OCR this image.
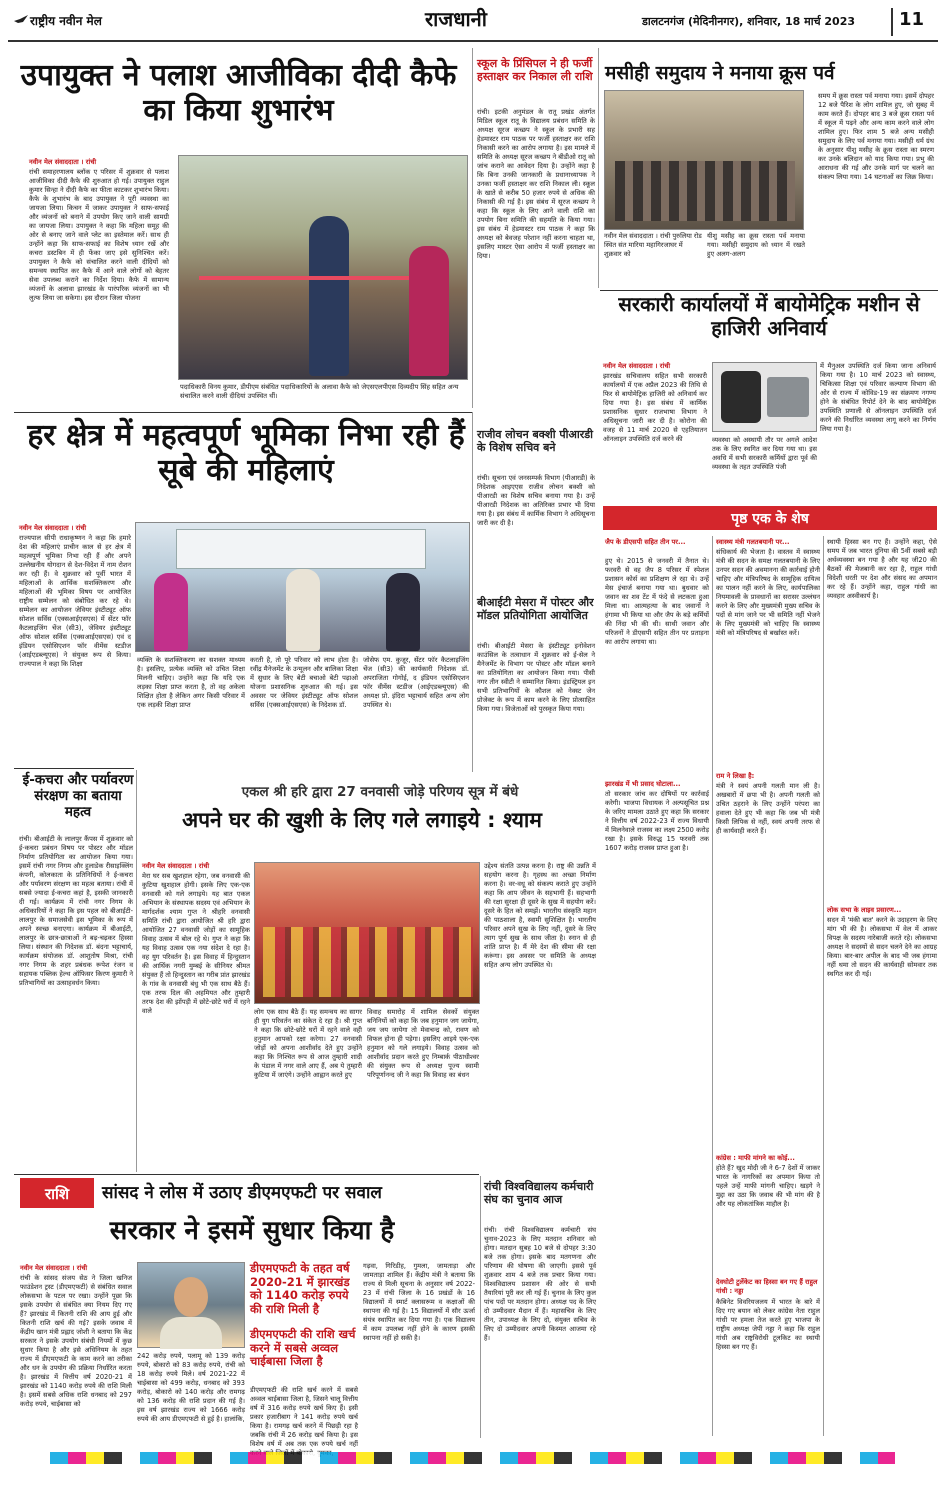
राष्ट्रीय नवीन मेल	राजधानी	डालटनगंज (मेदिनीनगर), शनिवार, 18 मार्च 2023 11
उपायुक्त ने पलाश आजीविका दीदी कैफे का किया शुभारंभ
नवीन मेल संवाददाता । रांची
रांची समाहरणालय ब्लॉक ए परिसर में शुक्रवार से पलाश आजीविका दीदी कैफे की शुरुआत हो गई। उपायुक्त राहुल कुमार सिन्हा ने दीदी कैफे का फीता काटकर शुभारंभ किया। कैफे के शुभारंभ के बाद उपायुक्त ने पूरी व्यवस्था का जायजा लिया। किचन में जाकर उपायुक्त ने साफ-सफाई और व्यंजनों को बनाने में उपयोग किए जाने वाली सामग्री का जायजा लिया। उपायुक्त ने कहा कि महिला समूह की ओर से बनाए जाने वाले प्लेट का इस्तेमाल करें। साथ ही उन्होंने कहा कि साफ-सफाई का विशेष ध्यान रखें और कचरा डस्टबिन में ही फेंका जाए इसे सुनिश्चित करें। उपायुक्त ने कैफे को संचालित करने वाली दीदियों को समन्वय स्थापित कर कैफे में आने वाले लोगों को बेहतर सेवा उपलब्ध कराने का निर्देश दिया। कैफे में सामान्य व्यंजनों के अलावा झारखंड के पारंपरिक व्यंजनों का भी लुत्फ लिया जा सकेगा। इस दौरान जिला योजना
पदाधिकारी विनय कुमार, डीपीएम संबंधित पदाधिकारियों के अलावा कैफे को जेएसएलपीएस दिव्यदीप सिंह सहित अन्य संचालित करने वाली दीदियां उपस्थित थीं।
स्कूल के प्रिंसिपल ने ही फर्जी हस्ताक्षर कर निकाल ली राशि
रांची। इटकी अनुमंडल के रातू प्रखंड अंतर्गत मिडिल स्कूल रातू के विद्यालय प्रबंधन समिति के अध्यक्ष सूरज कच्छप ने स्कूल के प्रभारी सह हेडमास्टर राम पाठक पर फर्जी हस्ताक्षर कर राशि निकासी करने का आरोप लगाया है। इस मामले में समिति के अध्यक्ष सूरज कच्छप ने बीडीओ रातू को जांच कराने का आवेदन दिया है। उन्होंने कहा है कि बिना उनकी जानकारी के प्रधानाध्यापक ने उनका फर्जी हस्ताक्षर कर राशि निकाल ली। स्कूल के खाते से करीब 50 हजार रुपये से अधिक की निकासी की गई है। इस संबंध में सूरज कच्छप ने कहा कि स्कूल के लिए आने वाली राशि का उपयोग बिना समिति की सहमति के किया गया। इस संबंध में हेडमास्टर राम पाठक ने कहा कि अध्यक्ष को बेवजह परेशान नहीं करना चाहता था, इसलिए मास्टर ऐसा आरोप में फर्जी हस्ताक्षर का दिया।
मसीही समुदाय ने मनाया क्रूस पर्व
नवीन मेल संवाददाता । रांची पुरुलिया रोड स्थित संत मारिया महागिरजाघर में शुक्रवार को
यीशु मसीह का क्रूस रास्ता पर्व मनाया गया। मसीही समुदाय को ध्यान में रखते हुए अलग-अलग
समय में क्रूस रास्ता पर्व मनाया गया। इसमें दोपहर 12 बजे पैरिश के लोग शामिल हुए, जो सुबह में काम करते हैं। दोपहर बाद 3 बजे क्रूस रास्ता पर्व में स्कूल में पढ़ने और अन्य काम करने वाले लोग शामिल हुए। फिर शाम 5 बजे अन्य मसीही समुदाय के लिए पर्व मनाया गया। मसीही धर्म ग्रंथ के अनुसार यीशु मसीह के क्रूस रास्ता का स्मरण कर उनके बलिदान को याद किया गया। प्रभु की आराधना की गई और उनके मार्ग पर चलने का संकल्प लिया गया। 14 घटनाओं का जिक्र किया।
सरकारी कार्यालयों में बायोमेट्रिक मशीन से हाजिरी अनिवार्य
नवीन मेल संवाददाता । रांची
झारखंड सचिवालय सहित सभी सरकारी कार्यालयों में एक अप्रैल 2023 की तिथि से फिर से बायोमेट्रिक हाजिरी को अनिवार्य कर दिया गया है। इस संबंध में कार्मिक प्रशासनिक सुधार राजभाषा विभाग ने अधिसूचना जारी कर दी है। कोरोना की वजह से 11 मार्च 2020 से एहतियातन ऑनलाइन उपस्थिति दर्ज करने की	व्यवस्था को अस्थायी तौर पर अगले आदेश तक के लिए स्थगित कर दिया गया था। इस अवधि में सभी सरकारी कर्मियों द्वारा पूर्व की व्यवस्था के तहत उपस्थिति पंजी
में मैनुअल उपस्थिति दर्ज किया जाना अनिवार्य किया गया है। 10 मार्च 2023 को स्वास्थ्य, चिकित्सा शिक्षा एवं परिवार कल्याण विभाग की ओर से राज्य में कोविड-19 का संक्रमण नगण्य होने के संबंधित रिपोर्ट देने के बाद बायोमेट्रिक उपस्थिति प्रणाली से ऑनलाइन उपस्थिति दर्ज करने की निर्धारित व्यवस्था लागू करने का निर्णय लिया गया है।
हर क्षेत्र में महत्वपूर्ण भूमिका निभा रही हैं सूबे की महिलाएं
नवीन मेल संवाददाता । रांची
राज्यपाल सीपी राधाकृष्णन ने कहा कि हमारे देश की महिलाएं प्राचीन काल से हर क्षेत्र में महत्वपूर्ण भूमिका निभा रही हैं और अपने उल्लेखनीय योगदान से देश-विदेश में नाम रोशन कर रही हैं। वे शुक्रवार को पूर्वी भारत में महिलाओं के आर्थिक सशक्तिकरण और महिलाओं की भूमिका विषय पर आयोजित राष्ट्रीय सम्मेलन को संबोधित कर रहे थे। सम्मेलन का आयोजन जेवियर इंस्टीट्यूट ऑफ सोशल सर्विस (एक्सआईएसएस) में सेंटर फॉर कैटलाइजिंग चेंज (सी3), जेवियर इंस्टीट्यूट ऑफ सोशल सर्विस (एक्सआईएसएस) एवं द इंडियन एसोसिएशन फॉर वीमेंस स्टडीज (आईएडब्ल्यूएस) ने संयुक्त रूप से किया। राज्यपाल ने कहा कि शिक्षा	व्यक्ति के सशक्तिकरण का सशक्त माध्यम है। इसलिए, प्रत्येक व्यक्ति को उचित शिक्षा मिलनी चाहिए। उन्होंने कहा कि यदि एक लड़का शिक्षा प्राप्त करता है, तो वह अकेला शिक्षित होता है लेकिन अगर किसी परिवार में एक लड़की शिक्षा प्राप्त
करती है, तो पूरे परिवार को लाभ होता है। रवींद्र मैनेजमेंट के उन्मूलन और बालिका शिक्षा में सुधार के लिए बेटी बचाओ बेटी पढ़ाओ योजना प्रशासनिक शुरुआत की गई। इस अवसर पर जेवियर इंस्टीट्यूट ऑफ सोशल सर्विस (एक्सआईएसएस) के निदेशक डॉ.
जोसेफ एम. कुजूर, सेंटर फॉर कैटलाइजिंग चेंज (सी3) की कार्यकारी निदेशक डॉ. अपराजिता गोगोई, द इंडियन एसोसिएशन फॉर वीमेंस स्टडीज (आईएडब्ल्यूएस) की अध्यक्ष प्रो. इंदिरा भट्टाचार्य सहित अन्य लोग उपस्थित थे।
राजीव लोचन बक्शी पीआरडी के विशेष सचिव बने
रांची। सूचना एवं जनसम्पर्क विभाग (पीआरडी) के निदेशक आइएएस राजीव लोचन बक्शी को पीआरडी का विशेष सचिव बनाया गया है। उन्हें पीआरडी निदेशक का अतिरिक्त प्रभार भी दिया गया है। इस संबंध में कार्मिक विभाग ने अधिसूचना जारी कर दी है।
बीआईटी मेसरा में पोस्टर और मॉडल प्रतियोगिता आयोजित
रांची। बीआईटी मेसरा के इंस्टीट्यूट इनोवेशन काउंसिल के तत्वाधान में शुक्रवार को ई-सेल ने मैनेजमेंट के विभाग पर पोस्टर और मॉडल बनाने का प्रतियोगिता का आयोजन किया गया। पीसी नगर तीन स्वीटी ने सम्मानित किया। इंडस्ट्रियल इन सभी प्रतिभागियों के कौशल को नेक्स्ट जेन प्रोजेक्ट के रूप में काम करने के लिए प्रोत्साहित किया गया। विजेताओं को पुरस्कृत किया गया।
पृष्ठ एक के शेष
जैप के डीएसपी सहित तीन पर...
हुए थे। 2015 से जनवरी में तैनात थे। फरवरी से वह जैप 8 परिसर में स्पेशल प्रशासन कोर्स का प्रशिक्षण ले रहा थे। उन्हें मेस इंचार्ज बनाया गया था। बुधवार को जवान का शव टेंट में फंदे से लटकता हुआ मिला था। आत्महत्या के बाद जवानों ने हंगामा भी किया था और जैप के बड़े कर्मियों की निंदा भी की थी। साथी जवान और परिजनों ने डीएसपी सहित तीन पर प्रताड़ना का आरोप लगाया था।
झारखंड में भी प्रसाद घोटाला...
तो सरकार जांच कर दोषियों पर कार्रवाई करेगी। भाजपा विधायक ने अल्पसूचित प्रश्न के जरिए मामला उठाते हुए कहा कि सरकार ने वित्तीय वर्ष 2022-23 में राज्य विधायी में मिलनेवाले राजस्व का लक्ष्य 2500 करोड़ रखा है। इसके विरुद्ध 15 फरवरी तक 1607 करोड़ राजस्व प्राप्त हुआ है।
स्वास्थ्य मंत्री गलतबयानी पर...
संधिकार्य की भेजता है। वास्तव में स्वास्थ्य मंत्री की सदन के समक्ष गलतबयानी के लिए उनपर सदन की अवमानना की कार्रवाई होनी चाहिए और मंत्रिपरिषद के सामूहिक दायित्व का पालन नहीं करने के लिए, कार्यपालिका नियमावली के प्रावधानों का सरासर उल्लंघन करने के लिए और मुख्यमंत्री मुख्य सचिव के पदों से मांग जाने पर भी समिति नहीं भेजने के लिए मुख्यमंत्री को चाहिए कि स्वास्थ्य मंत्री को मंत्रिपरिषद से बर्खास्त करें।
राम ने लिखा है:
मंत्री ने स्वयं अपनी गलती मान ली है। अखबारों में छपा भी है। अपनी गलती को उचित ठहराने के लिए उन्होंने परंपरा का हवाला देते हुए भी कहा कि जब भी मंत्री किसी लिपिक से नहीं, स्वयं अपनी तरफ से ही कार्यवाही करते हैं।
कांग्रेस : माफी मांगने का कोई...
होते हैं? खुद मोदी जी ने 6-7 देशों में जाकर भारत के नागरिकों का अपमान किया तो पहले उन्हें माफी मांगनी चाहिए। खड़गे ने मुद्दा का उठा कि जवाब की भी मांग की है और यह लोकतांत्रिक माहौल है।
देवघोटी टुर्लेकेट का हिस्सा बन गए हैं राहुल गांधी : नड्डा
कैबिनेट विवरियजलय में भारत के बारे में दिए गए बयान को लेकर कांग्रेस नेता राहुल गांधी पर हमला तेज करते हुए भाजपा के राष्ट्रीय अध्यक्ष जेपी नड्डा ने कहा कि राहुल गांधी अब राष्ट्रविरोधी टूलकिट का स्थायी हिस्सा बन गए हैं।
स्थायी हिस्सा बन गए हैं। उन्होंने कहा, ऐसे समय में जब भारत दुनिया की 5वीं सबसे बड़ी अर्थव्यवस्था बन गया है और यह जी20 की बैठकों की मेजबानी कर रहा है, राहुल गांधी विदेशी धरती पर देश और संसद का अपमान कर रहे हैं। उन्होंने कहा, राहुल गांधी का व्यवहार अस्वीकार्य है।
लोक सभा के लाइव प्रसारण...
सदन में 'मंकी बात' करने के उदाहरण के लिए मांग भी की है। लोकसभा में वेल में आकर विपक्ष के सदस्य नारेबाजी करते रहे। लोकसभा अध्यक्ष ने सदस्यों से सदन चलने देने का आग्रह किया। बार-बार अपील के बाद भी जब हंगामा नहीं थमा तो सदन की कार्यवाही सोमवार तक स्थगित कर दी गई।
ई-कचरा और पर्यावरण संरक्षण का बताया महत्व
रांची। बीआईटी के लालपुर कैंपस में शुक्रवार को ई-कचरा प्रबंधन विषय पर पोस्टर और मॉडल निर्माण प्रतियोगिता का आयोजन किया गया। इसमें रांची नगर निगम और हुलाडेक रीसाइक्लिंग कंपनी, कोलकाता के प्रतिनिधियों ने ई-कचरा और पर्यावरण संरक्षण का महत्व बताया। रांची में सबसे ज्यादा ई-कचरा कहां है, इसकी जानकारी दी गई। कार्यक्रम में रांची नगर निगम के अधिकारियों ने कहा कि इस पहल को बीआईटी-लालपुर के समाजसेवी इस भूमिका के रूप में अपने स्वच्छ बनाएगा। कार्यक्रम में बीआईटी, लालपुर के छात्र-छात्राओं ने बढ़-चढ़कर हिस्सा लिया। संस्थान की निदेशक डॉ. बंदना भट्टाचार्य, कार्यक्रम संयोजक डॉ. आशुतोष मिश्रा, रांची नगर निगम के शहर प्रबंधक रूपेश रंजन व सहायक पब्लिक हेल्थ ऑफिसर किरण कुमारी ने प्रतिभागियों का उत्साहवर्धन किया।
एकल श्री हरि द्वारा 27 वनवासी जोड़े परिणय सूत्र में बंधे
अपने घर की खुशी के लिए गले लगाइये : श्याम
नवीन मेल संवाददाता । रांची
मेरा घर सब खुशहाल रहेगा, जब वनवासी की कुटिया खुशहाल होगी। इसके लिए एक-एक वनवासी को गले लगाइये। यह बात एकल अभियान के संस्थापक सदस्य एवं अभियान के मार्गदर्शक श्याम गुप्त ने श्रीहरि वनवासी समिति रांची द्वारा आयोजित श्री हरि द्वारा आयोजित 27 वनवासी जोड़ों का सामूहिक विवाह उत्सव में बोल रहे थे। गुप्त ने कहा कि यह विवाह उत्सव एक नया संदेश दे रहा है। वह युग परिवर्तन है। इस विवाह में हिन्दुस्तान की आर्थिक नगरी मुम्बई के सीनियर श्रीमत संयुक्त हैं तो हिन्दुस्तान का गरीब प्रांत झारखंड के गांव के वनवासी बंधु भी एक साथ बैठे हैं। एक तरफ दिल की अहमियत और तुम्हारी तरफ देश की झोंपड़ी में छोटे-छोटे घरों में रहने वाले	लोग एक साथ बैठे हैं। यह समन्वय का सागर ही युग परिवर्तन का संकेत दे रहा है। श्री गुप्त ने कहा कि छोटे-छोटे घरों में रहने वाले वही हनुमान आपको रक्षा करेगा। 27 वनवासी जोड़ों को अपना आशीर्वाद देते हुए उन्होंने कहा कि निश्चित रूप से आज तुम्हारी शादी के पंडाल में नगर वाले आए हैं, अब ये तुम्हारी कुटिया में जाएंगे। उन्होंने आह्वान करते हुए
विवाह समारोह में शामिल सेवकों संयुक्त बनिनियों को कहा कि जब हनुमान जग जायेगा, जय जय जायेगा तो मेवाचन्द्र को, रावण को विफल होना ही पड़ेगा। इसलिए आइये एक-एक हनुमान को गले लगाइये। विवाह उत्सव को आशीर्वाद प्रदान करते हुए निम्बार्क पीठाधीश्वर की संयुक्त रूप से अध्यक्ष पूज्य स्वामी परिपूर्णानन्द जी ने कहा कि विवाह का बंधन
उद्देश्य संतति उत्पन्न करना है। राष्ट्र की उन्नति में सहयोग करना है। गृहस्थ का अच्छा निर्माण करना है। वर-वधू को संकल्प कराते हुए उन्होंने कहा कि आप जीवन के सहभागी हैं। सहभागी की रक्षा सुरक्षा ही दूसरे के सुख में सहयोग करें। दूसरे के हित को समझें। भारतीय संस्कृति महान की पाठशाला है, स्वामी सुशिक्षित है। भारतीय परिवार अपने सुख के लिए नहीं, दूसरे के लिए त्याग पूर्ण सुख के साथ जीता है। स्नान से ही शांति प्राप्त है। मैं मेरे देश की सीमा की रक्षा करूंगा। इस अवसर पर समिति के अध्यक्ष सहित अन्य लोग उपस्थित थे।
राशि	सांसद ने लोस में उठाए डीएमएफटी पर सवाल
सरकार ने इसमें सुधार किया है
नवीन मेल संवाददाता । रांची
रांची के सांसद संजय सेठ ने जिला खनिज फाउंडेशन ट्रस्ट (डीएमएफटी) से संबंधित सवाल लोकसभा के पटल पर रखा। उन्होंने पूछा कि इसके उपयोग से संबंधित क्या नियम दिए गए हैं? झारखंड में कितनी राशि की आय हुई और कितनी राशि खर्च की गई? इसके जवाब में केंद्रीय खान मंत्री प्रह्लाद जोशी ने बताया कि केंद्र सरकार ने इसके उपयोग संबंधी नियमों में कुछ सुधार किया है और इसे अधिनियम के तहत राज्य में डीएमएफटी के काम करने का तरीका और धन के उपयोग की प्रक्रिया निर्धारित करता है। झारखंड में वित्तीय वर्ष 2020-21 में झारखंड को 1140 करोड़ रुपये की राशि मिली है। इसमें सबसे अधिक राशि धनबाद को 297 करोड़ रुपये, चाईबासा को
डीएमएफटी के तहत वर्ष 2020-21 में झारखंड को 1140 करोड़ रुपये की राशि मिली है
डीएमएफटी की राशि खर्च करने में सबसे अव्वल चाईबासा जिला है
242 करोड़ रुपये, पलामू को 139 करोड़ रुपये, बोकारो को 83 करोड़ रुपये, रांची को 18 करोड़ रुपये मिले। वर्ष 2021-22 में चाईबासा को 499 करोड़, धनबाद को 393 करोड़, बोकारो को 140 करोड़ और रामगढ़ को 136 करोड़ की राशि प्रदान की गई है। इस वर्ष झारखंड राज्य को 1666 करोड़ रुपये की आय डीएमएफटी से हुई है। हालांकि,
डीएमएफटी की राशि खर्च करने में सबसे अव्वल चाईबासा जिला है, जिसने चालू वित्तीय वर्ष में 316 करोड़ रुपये खर्च किए हैं। इसी प्रकार हजारीबाग ने 141 करोड़ रुपये खर्च किया है। रामगढ़ खर्च करने में पिछड़ी रहा है जबकि रांची में 26 करोड़ खर्च किया है। इस विशेष वर्ष में अब तक एक रुपये खर्च नहीं
गढ़वा, गिरिडीह, गुमला, जामताड़ा और जामताड़ा शामिल हैं। केंद्रीय मंत्री ने बताया कि राज्य से मिली सूचना के अनुसार वर्ष 2022-23 में रांची जिला के 16 प्रखंडों के 16 विद्यालयों में स्मार्ट क्लासरूम व कक्षाओं की स्थापना की गई है। 15 विद्यालयों में सौर ऊर्जा संयंत्र स्थापित कर दिया गया है। एक विद्यालय में काम उपलब्ध नहीं होने के कारण इसकी स्थापना नहीं हो सकी है।
रांची विश्वविद्यालय कर्मचारी संघ का चुनाव आज
रांची। रांची विश्वविद्यालय कर्मचारी संघ चुनाव-2023 के लिए मतदान शनिवार को होगा। मतदान सुबह 10 बजे से दोपहर 3:30 बजे तक होगा। इसके बाद मतगणना और परिणाम की घोषणा की जाएगी। इससे पूर्व शुक्रवार शाम 4 बजे तक प्रचार किया गया। विश्वविद्यालय प्रशासन की ओर से सभी तैयारियां पूरी कर ली गई हैं। चुनाव के लिए कुल पांच पदों पर मतदान होगा। अध्यक्ष पद के लिए दो उम्मीदवार मैदान में हैं। महासचिव के लिए तीन, उपाध्यक्ष के लिए दो, संयुक्त सचिव के लिए दो उम्मीदवार अपनी किस्मत आजमा रहे हैं।
